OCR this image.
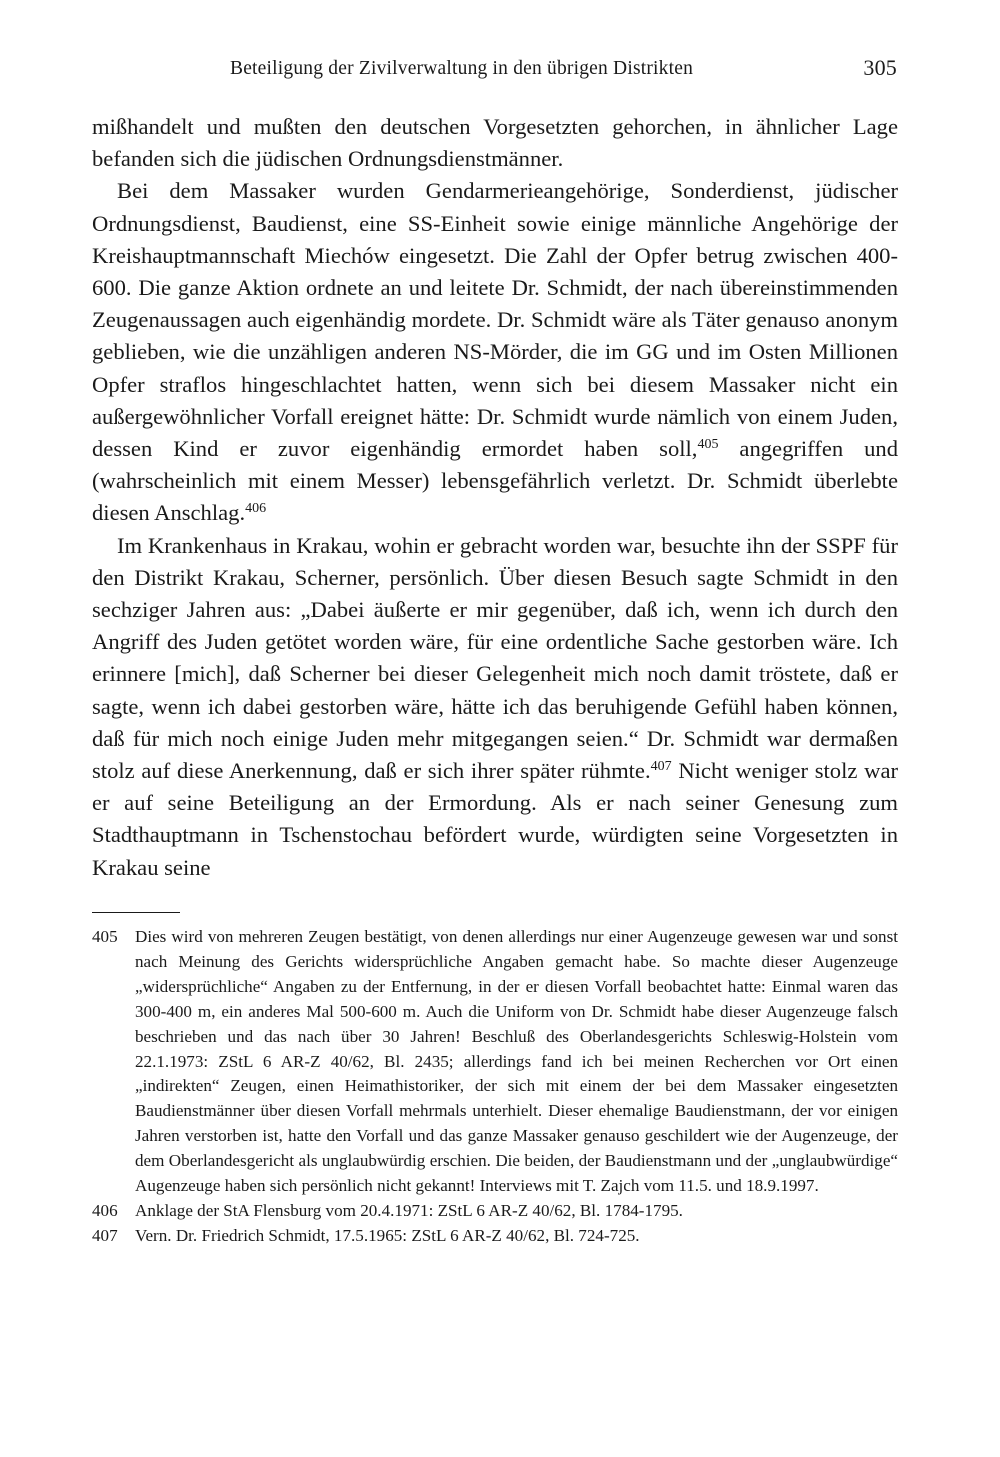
Beteiligung der Zivilverwaltung in den übrigen Distrikten	305

mißhandelt und mußten den deutschen Vorgesetzten gehorchen, in ähnlicher Lage befanden sich die jüdischen Ordnungsdienstmänner.

Bei dem Massaker wurden Gendarmerieangehörige, Sonderdienst, jüdischer Ordnungsdienst, Baudienst, eine SS-Einheit sowie einige männliche Angehörige der Kreishauptmannschaft Miechów eingesetzt. Die Zahl der Opfer betrug zwischen 400-600. Die ganze Aktion ordnete an und leitete Dr. Schmidt, der nach übereinstimmenden Zeugenaussagen auch eigenhändig mordete. Dr. Schmidt wäre als Täter genauso anonym geblieben, wie die unzähligen anderen NS-Mörder, die im GG und im Osten Millionen Opfer straflos hingeschlachtet hatten, wenn sich bei diesem Massaker nicht ein außergewöhnlicher Vorfall ereignet hätte: Dr. Schmidt wurde nämlich von einem Juden, dessen Kind er zuvor eigenhändig ermordet haben soll,$^{405}$ angegriffen und (wahrscheinlich mit einem Messer) lebensgefährlich verletzt. Dr. Schmidt überlebte diesen Anschlag.$^{406}$

Im Krankenhaus in Krakau, wohin er gebracht worden war, besuchte ihn der SSPF für den Distrikt Krakau, Scherner, persönlich. Über diesen Besuch sagte Schmidt in den sechziger Jahren aus: „Dabei äußerte er mir gegenüber, daß ich, wenn ich durch den Angriff des Juden getötet worden wäre, für eine ordentliche Sache gestorben wäre. Ich erinnere [mich], daß Scherner bei dieser Gelegenheit mich noch damit tröstete, daß er sagte, wenn ich dabei gestorben wäre, hätte ich das beruhigende Gefühl haben können, daß für mich noch einige Juden mehr mitgegangen seien.“ Dr. Schmidt war dermaßen stolz auf diese Anerkennung, daß er sich ihrer später rühmte.$^{407}$ Nicht weniger stolz war er auf seine Beteiligung an der Ermordung. Als er nach seiner Genesung zum Stadthauptmann in Tschenstochau befördert wurde, würdigten seine Vorgesetzten in Krakau seine

405	Dies wird von mehreren Zeugen bestätigt, von denen allerdings nur einer Augenzeuge gewesen war und sonst nach Meinung des Gerichts widersprüchliche Angaben gemacht habe. So machte dieser Augenzeuge „widersprüchliche“ Angaben zu der Entfernung, in der er diesen Vorfall beobachtet hatte: Einmal waren das 300-400 m, ein anderes Mal 500-600 m. Auch die Uniform von Dr. Schmidt habe dieser Augenzeuge falsch beschrieben und das nach über 30 Jahren! Beschluß des Oberlandesgerichts Schleswig-Holstein vom 22.1.1973: ZStL 6 AR-Z 40/62, Bl. 2435; allerdings fand ich bei meinen Recherchen vor Ort einen „indirekten“ Zeugen, einen Heimathistoriker, der sich mit einem der bei dem Massaker eingesetzten Baudienstmänner über diesen Vorfall mehrmals unterhielt. Dieser ehemalige Baudienstmann, der vor einigen Jahren verstorben ist, hatte den Vorfall und das ganze Massaker genauso geschildert wie der Augenzeuge, der dem Oberlandesgericht als unglaubwürdig erschien. Die beiden, der Baudienstmann und der „unglaubwürdige“ Augenzeuge haben sich persönlich nicht gekannt! Interviews mit T. Zajch vom 11.5. und 18.9.1997.
406	Anklage der StA Flensburg vom 20.4.1971: ZStL 6 AR-Z 40/62, Bl. 1784-1795.
407	Vern. Dr. Friedrich Schmidt, 17.5.1965: ZStL 6 AR-Z 40/62, Bl. 724-725.
